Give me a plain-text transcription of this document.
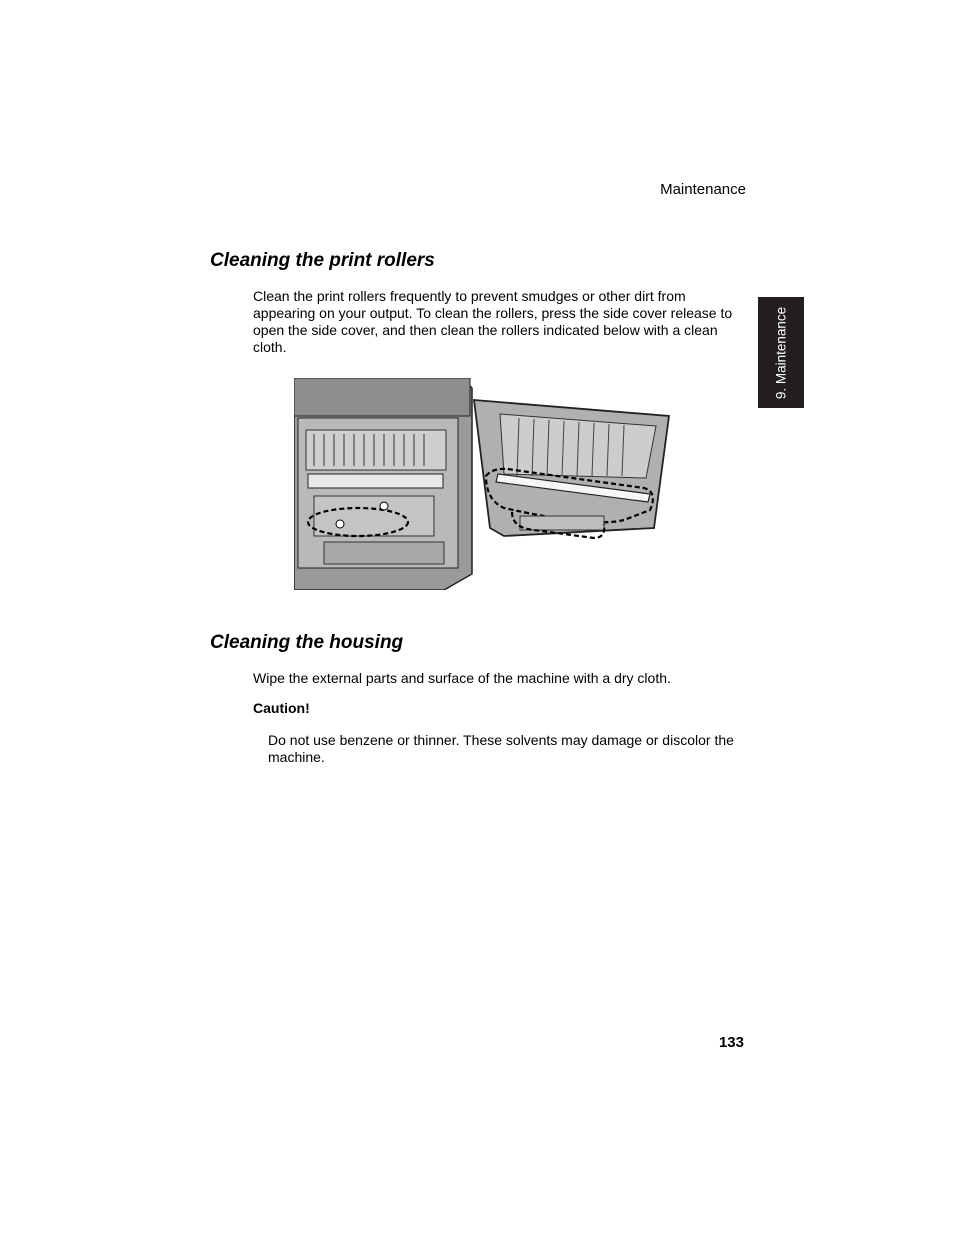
Maintenance
9. Maintenance
Cleaning the print rollers
Clean the print rollers frequently to prevent smudges or other dirt from appearing on your output. To clean the rollers, press the side cover release to open the side cover, and then clean the rollers indicated below with a clean cloth.
Cleaning the housing
Wipe the external parts and surface of the machine with a dry cloth.
Caution!
Do not use benzene or thinner. These solvents may damage or discolor the machine.
133
